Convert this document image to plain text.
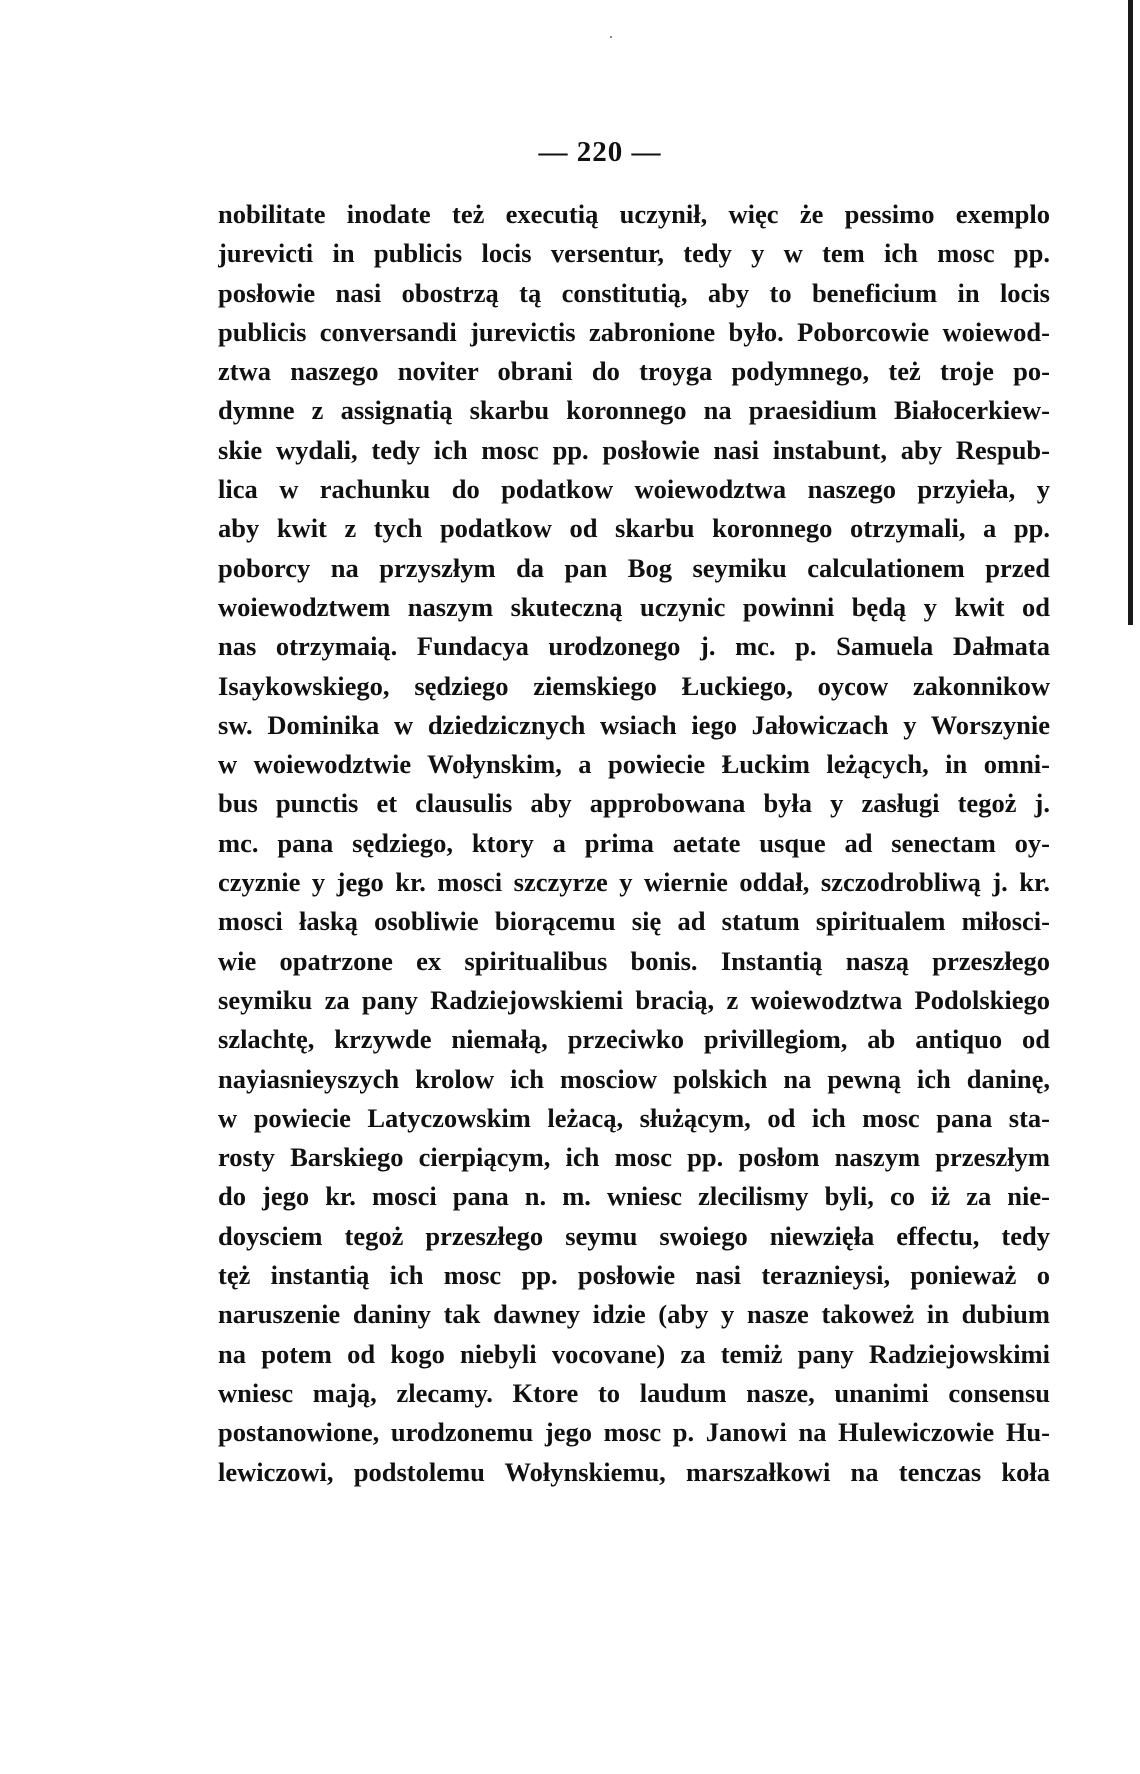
— 220 —
nobilitate inodate też executią uczynił, więc że pessimo exemplo
jurevicti in publicis locis versentur, tedy y w tem ich mosc pp.
posłowie nasi obostrzą tą constitutią, aby to beneficium in locis
publicis conversandi jurevictis zabronione było. Poborcowie woiewod-
ztwa naszego noviter obrani do troyga podymnego, też troje po-
dymne z assignatią skarbu koronnego na praesidium Białocerkiew-
skie wydali, tedy ich mosc pp. posłowie nasi instabunt, aby Respub-
lica w rachunku do podatkow woiewodztwa naszego przyieła, y
aby kwit z tych podatkow od skarbu koronnego otrzymali, a pp.
poborcy na przyszłym da pan Bog seymiku calculationem przed
woiewodztwem naszym skuteczną uczynic powinni będą y kwit od
nas otrzymaią. Fundacya urodzonego j. mc. p. Samuela Dałmata
Isaykowskiego, sędziego ziemskiego Łuckiego, oycow zakonnikow
sw. Dominika w dziedzicznych wsiach iego Jałowiczach y Worszynie
w woiewodztwie Wołynskim, a powiecie Łuckim leżących, in omni-
bus punctis et clausulis aby approbowana była y zasługi tegoż j.
mc. pana sędziego, ktory a prima aetate usque ad senectam oy-
czyznie y jego kr. mosci szczyrze y wiernie oddał, szczodrobliwą j. kr.
mosci łaską osobliwie biorącemu się ad statum spiritualem miłosci-
wie opatrzone ex spiritualibus bonis. Instantią naszą przeszłego
seymiku za pany Radziejowskiemi bracią, z woiewodztwa Podolskiego
szlachtę, krzywde niemałą, przeciwko privillegiom, ab antiquo od
nayiasnieyszych krolow ich mosciow polskich na pewną ich daninę,
w powiecie Latyczowskim leżacą, służącym, od ich mosc pana sta-
rosty Barskiego cierpiącym, ich mosc pp. posłom naszym przeszłym
do jego kr. mosci pana n. m. wniesc zlecilismy byli, co iż za nie-
doysciem tegoż przeszłego seymu swoiego niewzięła effectu, tedy
tęż instantią ich mosc pp. posłowie nasi teraznieysi, ponieważ o
naruszenie daniny tak dawney idzie (aby y nasze takoweż in dubium
na potem od kogo niebyli vocovane) za temiż pany Radziejowskimi
wniesc mają, zlecamy. Ktore to laudum nasze, unanimi consensu
postanowione, urodzonemu jego mosc p. Janowi na Hulewiczowie Hu-
lewiczowi, podstolemu Wołynskiemu, marszałkowi na tenczas koła
